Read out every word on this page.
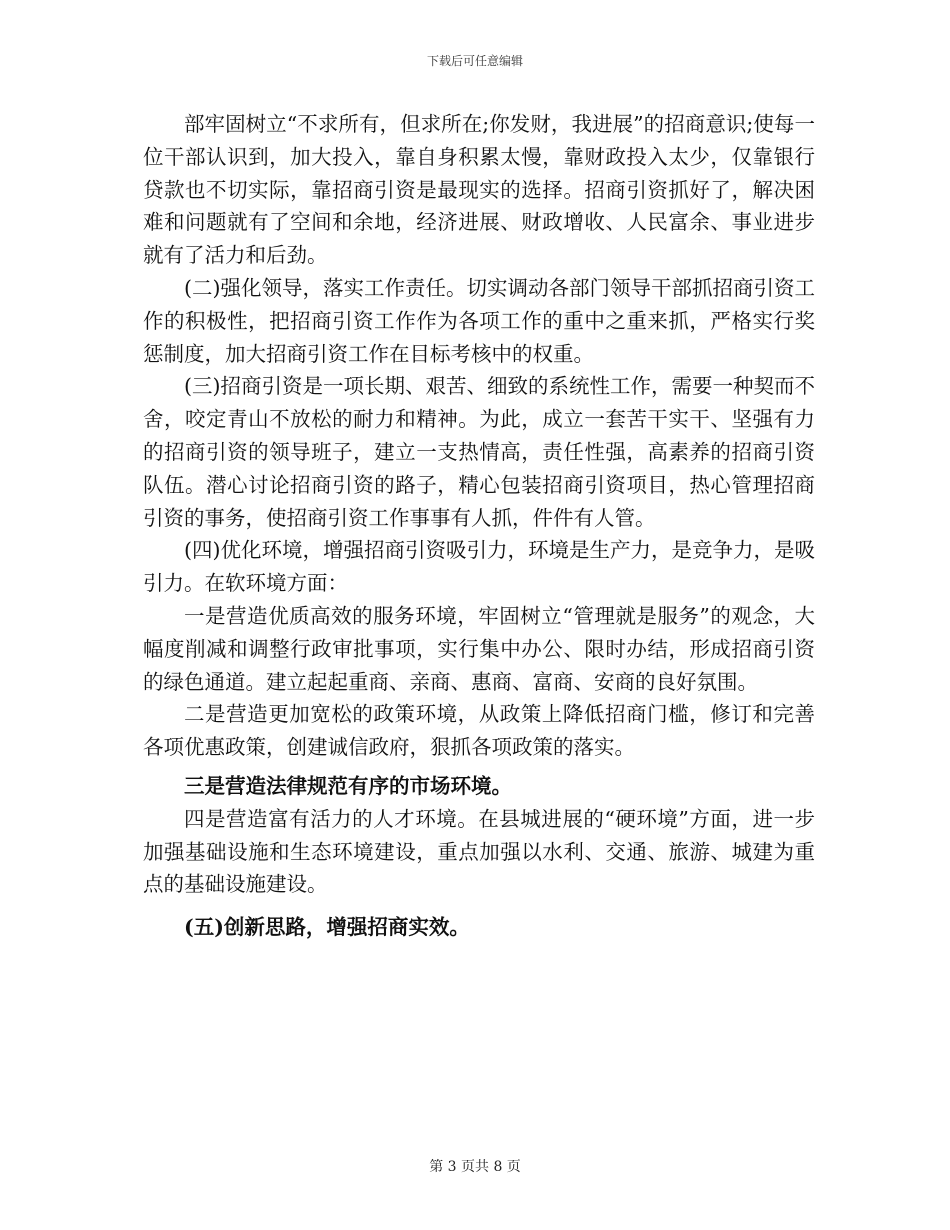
下载后可任意编辑

部牢固树立“不求所有，但求所在;你发财，我进展”的招商意识;使每一位干部认识到，加大投入，靠自身积累太慢，靠财政投入太少，仅靠银行贷款也不切实际，靠招商引资是最现实的选择。招商引资抓好了，解决困难和问题就有了空间和余地，经济进展、财政增收、人民富余、事业进步就有了活力和后劲。

(二)强化领导，落实工作责任。切实调动各部门领导干部抓招商引资工作的积极性，把招商引资工作作为各项工作的重中之重来抓，严格实行奖惩制度，加大招商引资工作在目标考核中的权重。

(三)招商引资是一项长期、艰苦、细致的系统性工作，需要一种契而不舍，咬定青山不放松的耐力和精神。为此，成立一套苦干实干、坚强有力的招商引资的领导班子，建立一支热情高，责任性强，高素养的招商引资队伍。潜心讨论招商引资的路子，精心包装招商引资项目，热心管理招商引资的事务，使招商引资工作事事有人抓，件件有人管。

(四)优化环境，增强招商引资吸引力，环境是生产力，是竞争力，是吸引力。在软环境方面：

一是营造优质高效的服务环境，牢固树立“管理就是服务”的观念，大幅度削减和调整行政审批事项，实行集中办公、限时办结，形成招商引资的绿色通道。建立起起重商、亲商、惠商、富商、安商的良好氛围。

二是营造更加宽松的政策环境，从政策上降低招商门槛，修订和完善各项优惠政策，创建诚信政府，狠抓各项政策的落实。

三是营造法律规范有序的市场环境。

四是营造富有活力的人才环境。在县城进展的“硬环境”方面，进一步加强基础设施和生态环境建设，重点加强以水利、交通、旅游、城建为重点的基础设施建设。

(五)创新思路，增强招商实效。

第 3 页共 8 页
